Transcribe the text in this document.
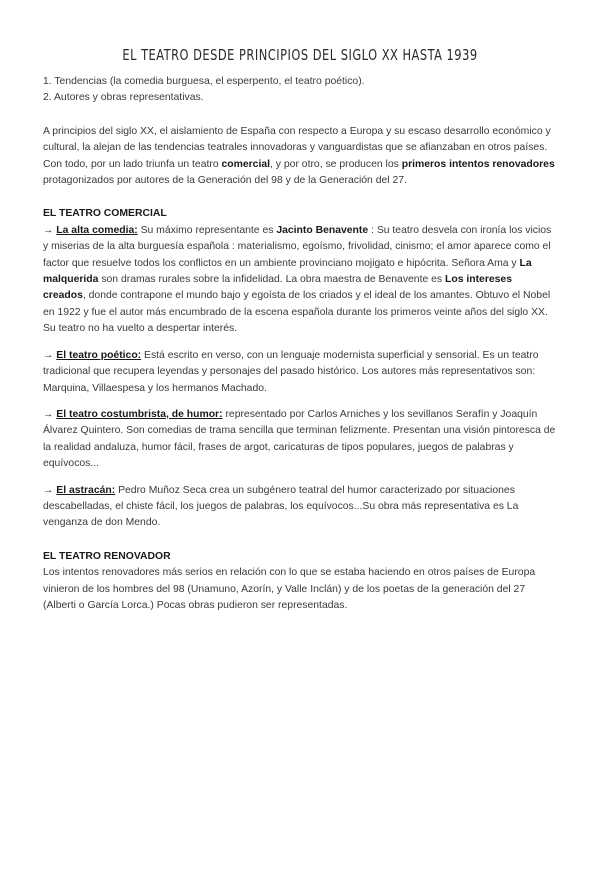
EL TEATRO DESDE PRINCIPIOS DEL SIGLO XX HASTA 1939

1. Tendencias (la comedia burguesa, el esperpento, el teatro poético).

2. Autores y obras representativas.

A principios del siglo XX, el aislamiento de España con respecto a Europa y su escaso desarrollo económico y cultural, la alejan de las tendencias teatrales innovadoras y vanguardistas que se afianzaban en otros países. Con todo, por un lado triunfa un teatro comercial, y por otro, se producen los primeros intentos renovadores protagonizados por autores de la Generación del 98 y de la Generación del 27.

EL TEATRO COMERCIAL

→ La alta comedia: Su máximo representante es Jacinto Benavente : Su teatro desvela con ironía los vicios y miserias de la alta burguesía española : materialismo, egoísmo, frivolidad, cinismo; el amor aparece como el factor que resuelve todos los conflictos en un ambiente provinciano mojigato e hipócrita. Señora Ama y La malquerida son dramas rurales sobre la infidelidad. La obra maestra de Benavente es Los intereses creados, donde contrapone el mundo bajo y egoísta de los criados y el ideal de los amantes. Obtuvo el Nobel en 1922 y fue el autor más encumbrado de la escena española durante los primeros veinte años del siglo XX. Su teatro no ha vuelto a despertar interés.

→ El teatro poético: Está escrito en verso, con un lenguaje modernista superficial y sensorial. Es un teatro tradicional que recupera leyendas y personajes del pasado histórico. Los autores más representativos son: Marquina, Villaespesa y los hermanos Machado.

→ El teatro costumbrista, de humor: representado por Carlos Arniches y los sevillanos Serafín y Joaquín Álvarez Quintero. Son comedias de trama sencilla que terminan felizmente. Presentan una visión pintoresca de la realidad andaluza, humor fácil, frases de argot, caricaturas de tipos populares, juegos de palabras y equívocos...

→ El astracán: Pedro Muñoz Seca crea un subgénero teatral del humor caracterizado por situaciones descabelladas, el chiste fácil, los juegos de palabras, los equívocos...Su obra más representativa es La venganza de don Mendo.

EL TEATRO RENOVADOR

Los intentos renovadores más serios en relación con lo que se estaba haciendo en otros países de Europa vinieron de los hombres del 98 (Unamuno, Azorín, y Valle Inclán) y de los poetas de la generación del 27 (Alberti o García Lorca.) Pocas obras pudieron ser representadas.
